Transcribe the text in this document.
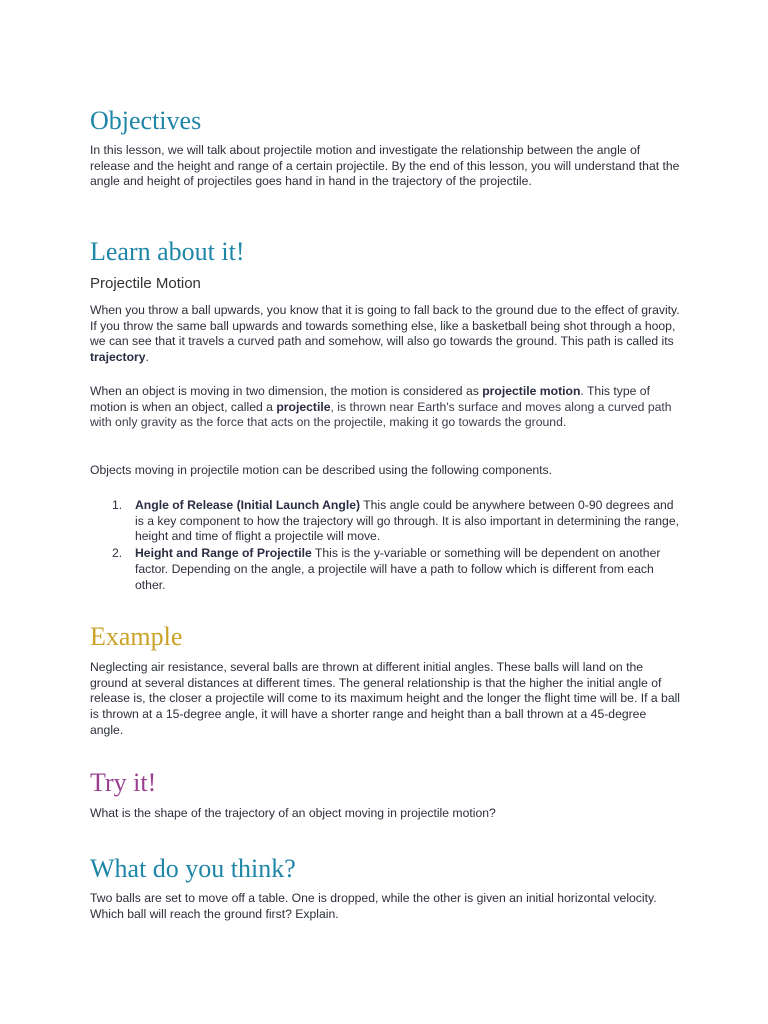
Objectives

In this lesson, we will talk about projectile motion and investigate the relationship between the angle of release and the height and range of a certain projectile. By the end of this lesson, you will understand that the angle and height of projectiles goes hand in hand in the trajectory of the projectile.

Learn about it!
Projectile Motion

When you throw a ball upwards, you know that it is going to fall back to the ground due to the effect of gravity. If you throw the same ball upwards and towards something else, like a basketball being shot through a hoop, we can see that it travels a curved path and somehow, will also go towards the ground. This path is called its trajectory.

When an object is moving in two dimension, the motion is considered as projectile motion. This type of motion is when an object, called a projectile, is thrown near Earth's surface and moves along a curved path with only gravity as the force that acts on the projectile, making it go towards the ground.

Objects moving in projectile motion can be described using the following components.

1. Angle of Release (Initial Launch Angle) This angle could be anywhere between 0-90 degrees and is a key component to how the trajectory will go through. It is also important in determining the range, height and time of flight a projectile will move.
2. Height and Range of Projectile This is the y-variable or something will be dependent on another factor. Depending on the angle, a projectile will have a path to follow which is different from each other.
Example

Neglecting air resistance, several balls are thrown at different initial angles. These balls will land on the ground at several distances at different times. The general relationship is that the higher the initial angle of release is, the closer a projectile will come to its maximum height and the longer the flight time will be. If a ball is thrown at a 15-degree angle, it will have a shorter range and height than a ball thrown at a 45-degree angle.

Try it!

What is the shape of the trajectory of an object moving in projectile motion?

What do you think?

Two balls are set to move off a table. One is dropped, while the other is given an initial horizontal velocity. Which ball will reach the ground first? Explain.
